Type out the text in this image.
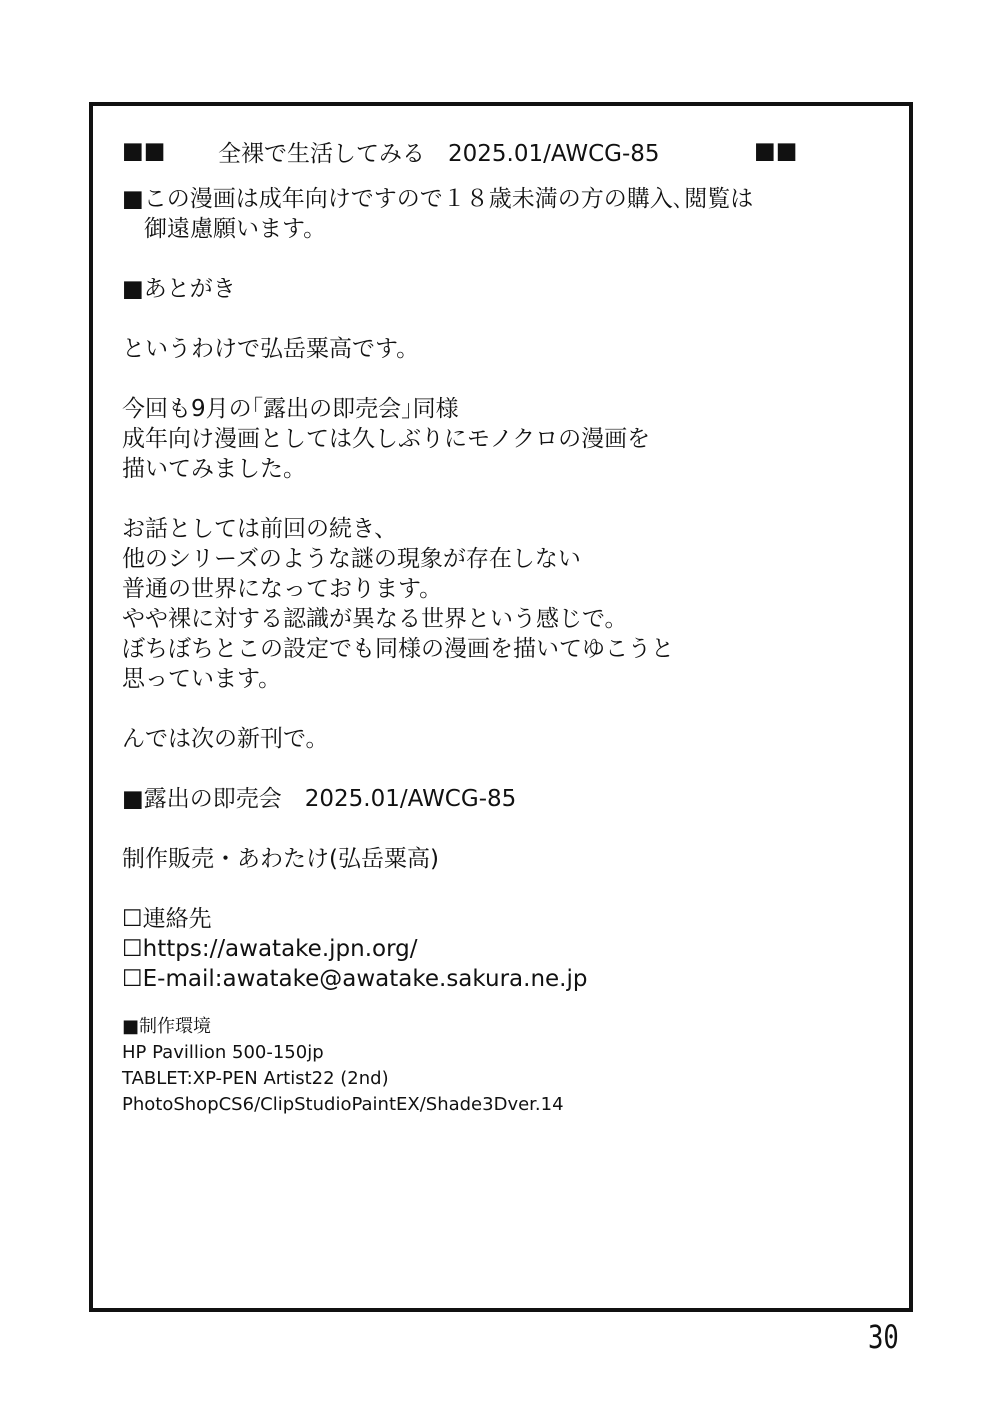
■■	全裸で生活してみる　2025.01/AWCG-85	■■
■この漫画は成年向けですので１８歳未満の方の購入､閲覧は
御遠慮願います。
■あとがき
というわけで弘岳粟高です。
今回も9月の｢露出の即売会｣同様
成年向け漫画としては久しぶりにモノクロの漫画を
描いてみました。
お話としては前回の続き、
他のシリーズのような謎の現象が存在しない
普通の世界になっております。
やや裸に対する認識が異なる世界という感じで。
ぼちぼちとこの設定でも同様の漫画を描いてゆこうと
思っています。
んでは次の新刊で。
■露出の即売会　2025.01/AWCG-85
制作販売・あわたけ(弘岳粟高)
☐連絡先
☐https://awatake.jpn.org/
☐E-mail:awatake@awatake.sakura.ne.jp
■制作環境
HP Pavillion 500-150jp
TABLET:XP-PEN Artist22 (2nd)
PhotoShopCS6/ClipStudioPaintEX/Shade3Dver.14
30
